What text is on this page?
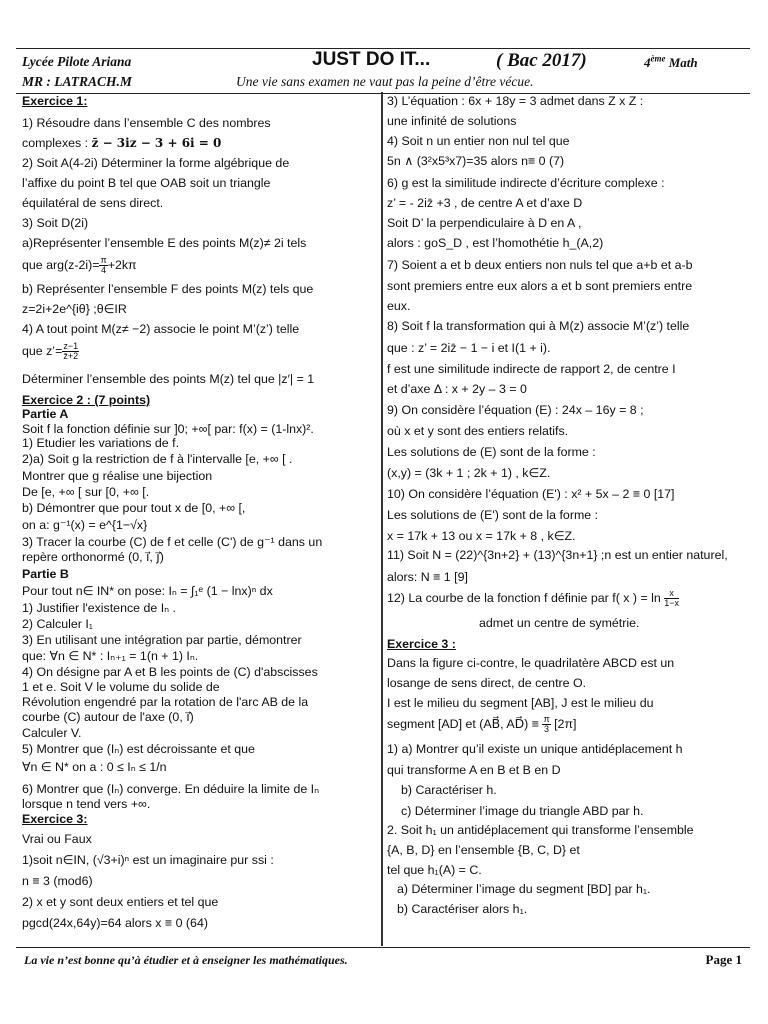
Lycée Pilote Ariana
MR : LATRACH.M
JUST DO IT...	( Bac 2017)	4ème Math
Une vie sans examen ne vaut pas la peine d’être vécue.

Exercice 1:

1) Résoudre dans l’ensemble C des nombres

complexes : z̄ − 3iz − 3 + 6i = 0

2) Soit A(4-2i) Déterminer la forme algébrique de

l’affixe du point B tel que OAB soit un triangle

équilatéral de sens direct.

3) Soit D(2i)

a)Représenter l’ensemble E des points M(z)≠ 2i tels

que $arg(z-2i)= \frac{\pi}{4} +2k\pi$

b) Représenter l’ensemble F des points M(z) tels que

z=2i+2e^{iθ} ;θ∈IR

4) A tout point M(z≠ −2) associe le point M’(z’) telle

que z’= $\frac{z-1}{z̄+2}$

Déterminer l’ensemble des points M(z) tel que |z′| = 1

Exercice 2 : (7 points)

Partie A

Soit f la fonction définie sur ]0; +∞[ par: f(x) = (1-lnx)².

1) Etudier les variations de f.

2)a) Soit g la restriction de f à l'intervalle [e, +∞ [ .

Montrer que g réalise une bijection

De [e, +∞ [ sur [0, +∞ [.

b) Démontrer que pour tout x de [0, +∞ [,

on a: g⁻¹(x) = e^{1−√x}

3) Tracer la courbe (C) de f et celle (C') de g⁻¹ dans un

repère orthonormé (0, i⃗, j⃗)

Partie B

Pour tout n∈ IN* on pose: Iₙ = ∫₁ᵉ (1 − lnx)ⁿ dx

1) Justifier l'existence de Iₙ .

2) Calculer I₁

3) En utilisant une intégration par partie, démontrer

que: ∀n ∈ N* : Iₙ₊₁ = 1(n + 1) Iₙ.

4) On désigne par A et B les points de (C) d'abscisses

1 et e. Soit V le volume du solide de

Révolution engendré par la rotation de l'arc AB de la

courbe (C) autour de l'axe (0, i⃗)

Calculer V.

5) Montrer que (Iₙ) est décroissante et que

∀n ∈ N* on a : 0 ≤ Iₙ ≤ 1/n

6) Montrer que (Iₙ) converge. En déduire la limite de Iₙ

lorsque n tend vers +∞.

Exercice 3:

Vrai ou Faux

1)soit n∈IN, (√3+i)ⁿ est un imaginaire pur ssi :

n ≡ 3 (mod6)

2) x et y sont deux entiers et tel que

pgcd(24x,64y)=64 alors x ≡ 0 (64)

3) L’équation : 6x + 18y = 3 admet dans Z x Z :

une infinité de solutions

4) Soit n un entier non nul tel que

5n ∧ (3²x5³x7)=35 alors n≡ 0 (7)

6) g est la similitude indirecte d’écriture complexe :

z’ = - 2iz̄ +3 , de centre A et d’axe D

Soit D’ la perpendiculaire à D en A ,

alors : goS_D , est l’homothétie h_(A,2)

7) Soient a et b deux entiers non nuls tel que a+b et a-b

sont premiers entre eux alors a et b sont premiers entre

eux.

8) Soit f la transformation qui à M(z) associe M’(z’) telle

que : z’ = 2iz̄ − 1 − i et I(1 + i).

f est une similitude indirecte de rapport 2, de centre I

et d’axe Δ : x + 2y – 3 = 0

9) On considère l’équation (E) : 24x – 16y = 8 ;

où x et y sont des entiers relatifs.

Les solutions de (E) sont de la forme :

(x,y) = (3k + 1 ; 2k + 1) , k∈Z.

10) On considère l’équation (E') : x² + 5x – 2 ≡ 0 [17]

Les solutions de (E') sont de la forme :

x = 17k + 13 ou x = 17k + 8 , k∈Z.

11) Soit N = (22)^{3n+2} + (13)^{3n+1} ;n est un entier naturel,

alors: N ≡ 1 [9]

12) La courbe de la fonction f définie par f( x ) = $\ln \frac{x}{1-x}$

admet un centre de symétrie.

Exercice 3 :

Dans la figure ci-contre, le quadrilatère ABCD est un

losange de sens direct, de centre O.

I est le milieu du segment [AB], J est le milieu du

segment [AD] et (AB⃗, AD⃗) ≡ $\frac{\pi}{3} [2\pi]$

1) a) Montrer qu’il existe un unique antidéplacement h

qui transforme A en B et B en D

b) Caractériser h.

c) Déterminer l’image du triangle ABD par h.

2. Soit h₁ un antidéplacement qui transforme l’ensemble

{A, B, D} en l’ensemble {B, C, D} et

tel que h₁(A) = C.

a) Déterminer l’image du segment [BD] par h₁.

b) Caractériser alors h₁.

La vie n’est bonne qu’à étudier et à enseigner les mathématiques.	Page 1
